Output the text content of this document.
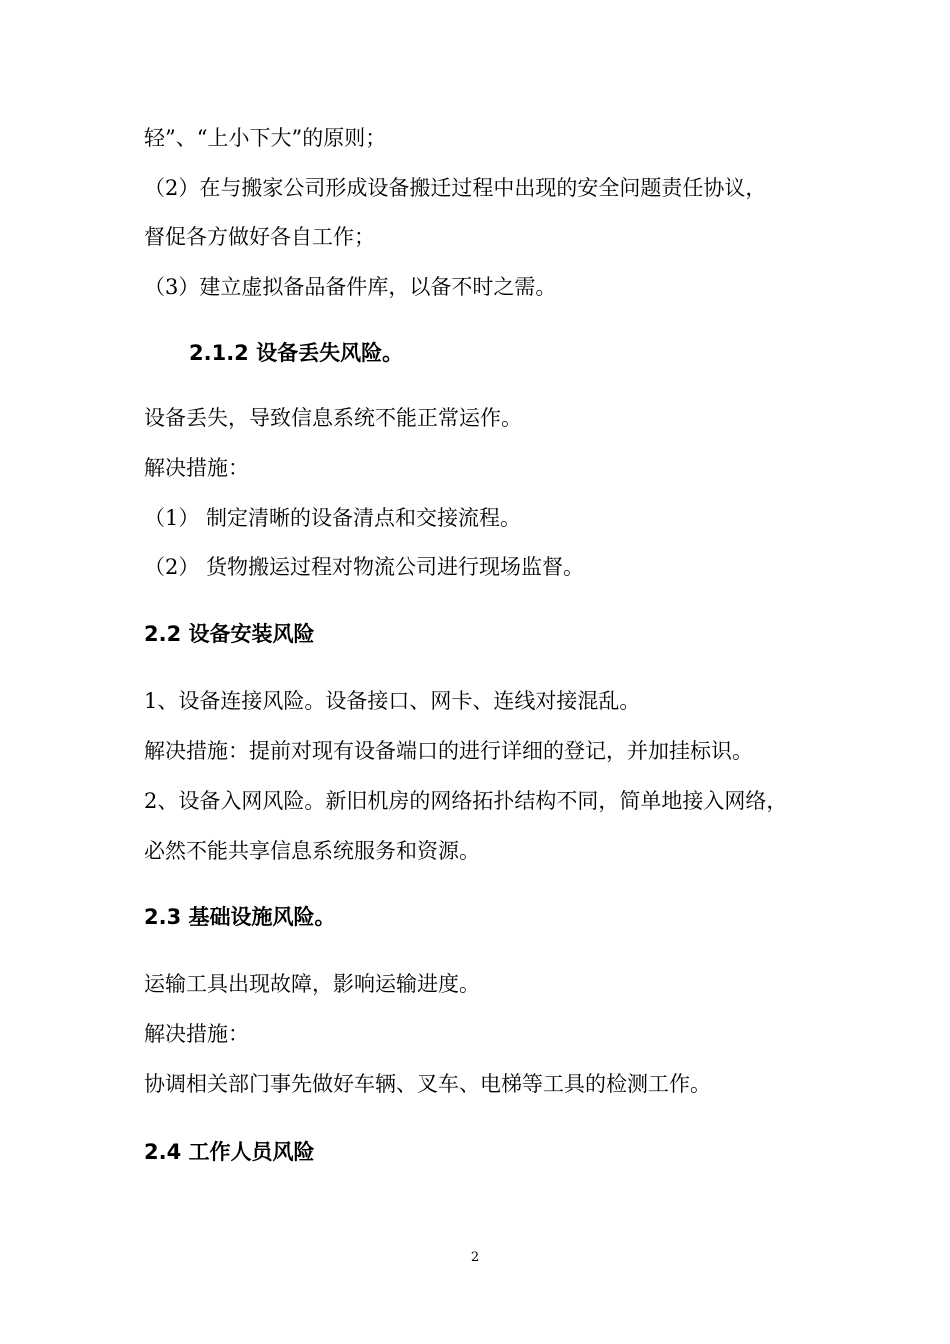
轻”、“上小下大”的原则；
（2）在与搬家公司形成设备搬迁过程中出现的安全问题责任协议，
督促各方做好各自工作；
（3）建立虚拟备品备件库，以备不时之需。
2.1.2 设备丢失风险。
设备丢失，导致信息系统不能正常运作。
解决措施：
（1） 制定清晰的设备清点和交接流程。
（2） 货物搬运过程对物流公司进行现场监督。
2.2 设备安装风险
1、设备连接风险。设备接口、网卡、连线对接混乱。
解决措施：提前对现有设备端口的进行详细的登记，并加挂标识。
2、设备入网风险。新旧机房的网络拓扑结构不同，简单地接入网络，
必然不能共享信息系统服务和资源。
2.3 基础设施风险。
运输工具出现故障，影响运输进度。
解决措施：
协调相关部门事先做好车辆、叉车、电梯等工具的检测工作。
2.4 工作人员风险
2
